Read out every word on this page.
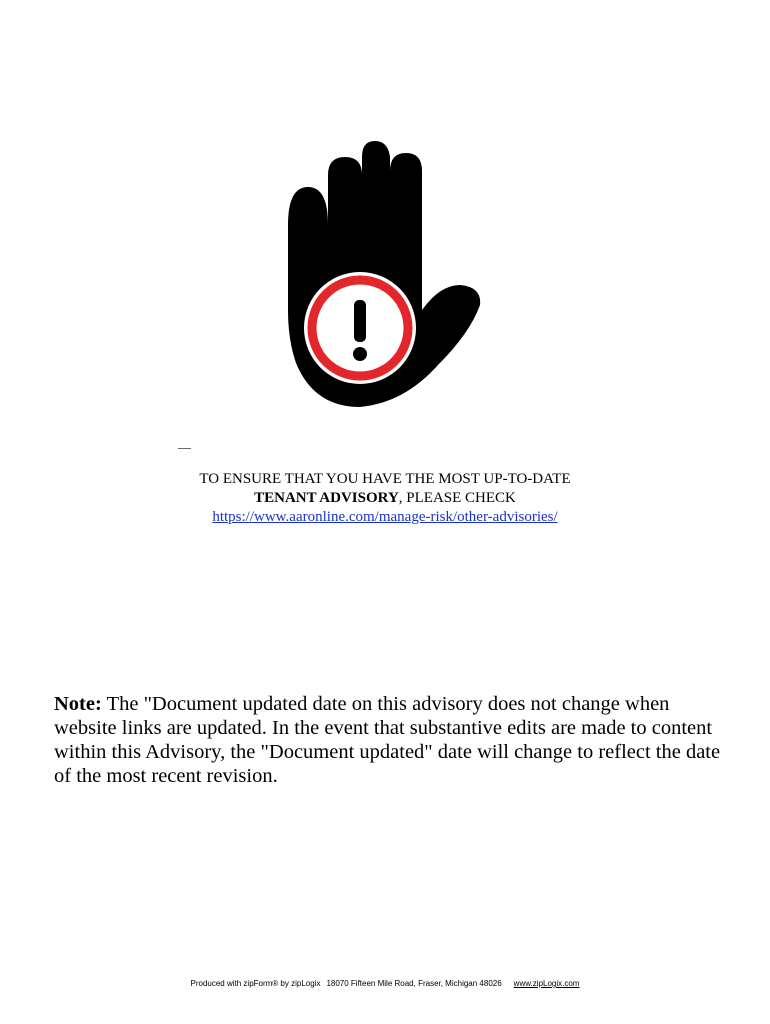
—
TO ENSURE THAT YOU HAVE THE MOST UP-TO-DATE
TENANT ADVISORY, PLEASE CHECK
https://www.aaronline.com/manage-risk/other-advisories/
Note: The "Document updated date on this advisory does not change when website links are updated. In the event that substantive edits are made to content within this Advisory, the "Document updated" date will change to reflect the date of the most recent revision.
Produced with zipForm® by zipLogix 18070 Fifteen Mile Road, Fraser, Michigan 48026 www.zipLogix.com
